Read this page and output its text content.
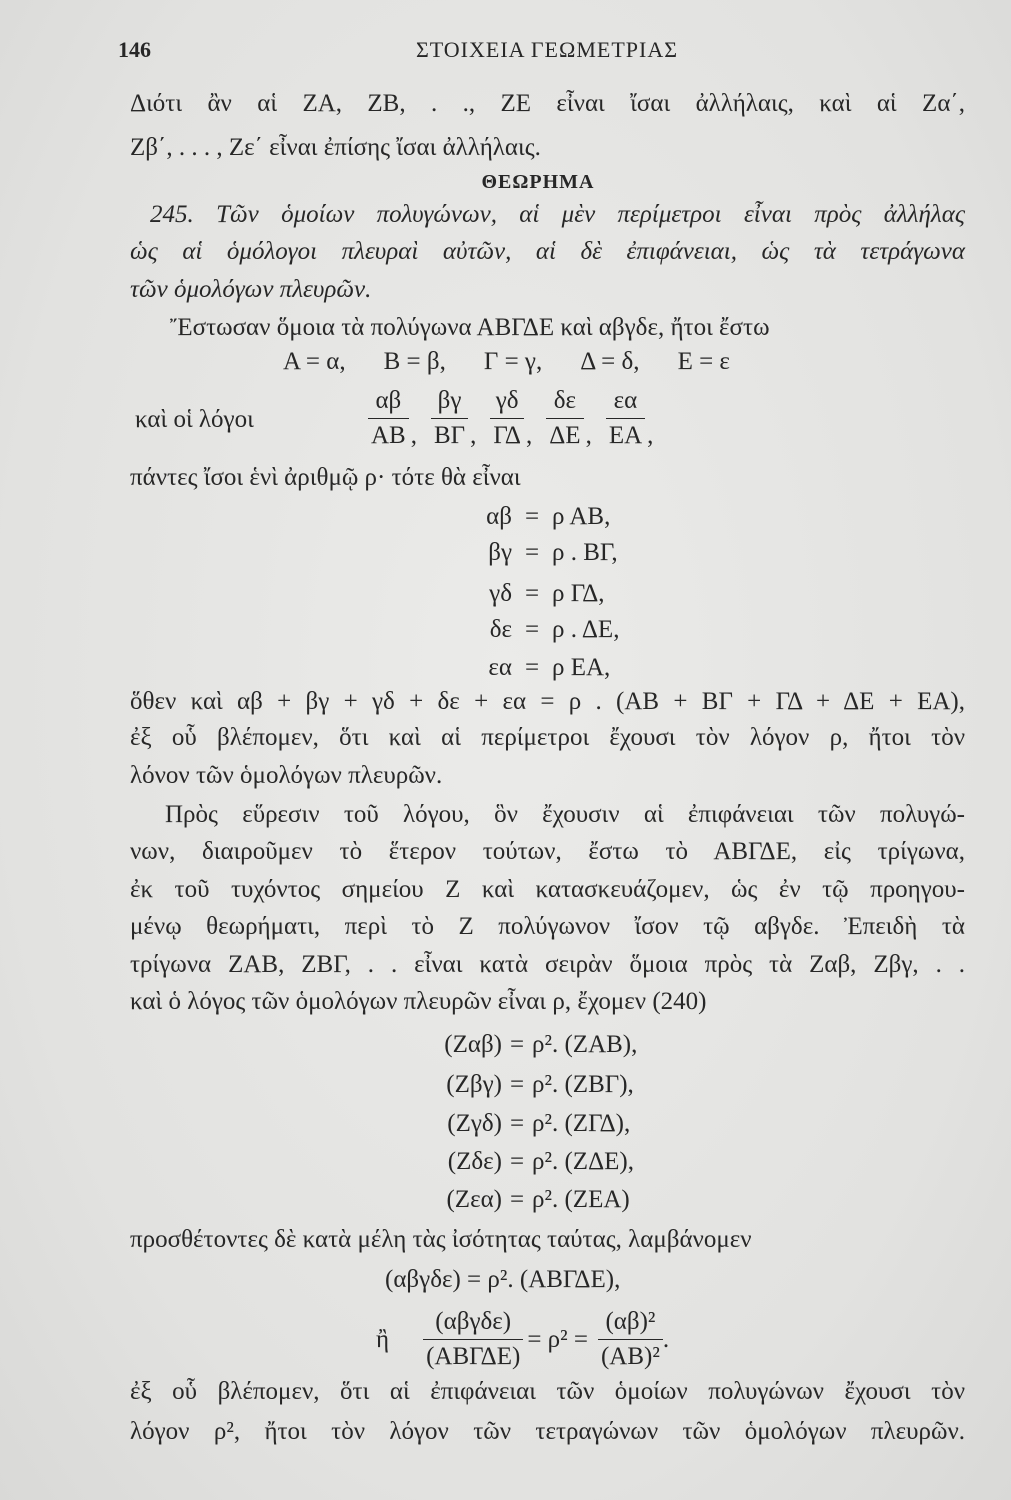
146	ΣΤΟΙΧΕΙΑ ΓΕΩΜΕΤΡΙΑΣ
Διότι ἂν αἱ ΖΑ, ΖΒ, . ., ΖΕ εἶναι ἴσαι ἀλλήλαις, καὶ αἱ Ζα΄,
Ζβ΄, . . . , Ζε΄ εἶναι ἐπίσης ἴσαι ἀλλήλαις.
ΘΕΩΡΗΜΑ
245. Τῶν ὁμοίων πολυγώνων, αἱ μὲν περίμετροι εἶναι πρὸς ἀλλήλας
ὡς αἱ ὁμόλογοι πλευραὶ αὐτῶν, αἱ δὲ ἐπιφάνειαι, ὡς τὰ τετράγωνα
τῶν ὁμολόγων πλευρῶν.
Ἔστωσαν ὅμοια τὰ πολύγωνα ΑΒΓΔΕ καὶ αβγδε, ἤτοι ἔστω
Α = α, Β = β, Γ = γ, Δ = δ, Ε = ε
καὶ οἱ λόγοι	$\frac{\alpha\beta}{AB}$ , $\frac{\beta\gamma}{B\Gamma}$ , $\frac{\gamma\delta}{\Gamma\Delta}$ , $\frac{\delta\varepsilon}{\Delta E}$ , $\frac{\varepsilon\alpha}{EA}$ ,
πάντες ἴσοι ἑνὶ ἀριθμῷ ρ· τότε θὰ εἶναι
αβ = ρ ΑΒ,
βγ = ρ . ΒΓ,
γδ = ρ ΓΔ,
δε = ρ . ΔΕ,
εα = ρ ΕΑ,
ὅθεν καὶ αβ + βγ + γδ + δε + εα = ρ . (ΑΒ + ΒΓ + ΓΔ + ΔΕ + ΕΑ),
ἐξ οὗ βλέπομεν, ὅτι καὶ αἱ περίμετροι ἔχουσι τὸν λόγον ρ, ἤτοι τὸν
λόνον τῶν ὁμολόγων πλευρῶν.
Πρὸς εὕρεσιν τοῦ λόγου, ὃν ἔχουσιν αἱ ἐπιφάνειαι τῶν πολυγώ-
νων, διαιροῦμεν τὸ ἕτερον τούτων, ἔστω τὸ ΑΒΓΔΕ, εἰς τρίγωνα,
ἐκ τοῦ τυχόντος σημείου Ζ καὶ κατασκευάζομεν, ὡς ἐν τῷ προηγου-
μένῳ θεωρήματι, περὶ τὸ Ζ πολύγωνον ἴσον τῷ αβγδε. Ἐπειδὴ τὰ
τρίγωνα ΖΑΒ, ΖΒΓ, . . εἶναι κατὰ σειρὰν ὅμοια πρὸς τὰ Ζαβ, Ζβγ, . .
καὶ ὁ λόγος τῶν ὁμολόγων πλευρῶν εἶναι ρ, ἔχομεν (240)
(Ζαβ) = ρ². (ΖΑΒ),
(Ζβγ) = ρ². (ΖΒΓ),
(Ζγδ) = ρ². (ΖΓΔ),
(Ζδε) = ρ². (ΖΔΕ),
(Ζεα) = ρ². (ΖΕΑ)
προσθέτοντες δὲ κατὰ μέλη τὰς ἰσότητας ταύτας, λαμβάνομεν
(αβγδε) = ρ². (ΑΒΓΔΕ),
ἢ $\frac{\text{(αβγδε)}}{\text{(ΑΒΓΔΕ)}} = \rho^2 = \frac{\text{(αβ)²}}{\text{(ΑΒ)²}}$ .
ἐξ οὗ βλέπομεν, ὅτι αἱ ἐπιφάνειαι τῶν ὁμοίων πολυγώνων ἔχουσι τὸν
λόγον ρ², ἤτοι τὸν λόγον τῶν τετραγώνων τῶν ὁμολόγων πλευρῶν.
